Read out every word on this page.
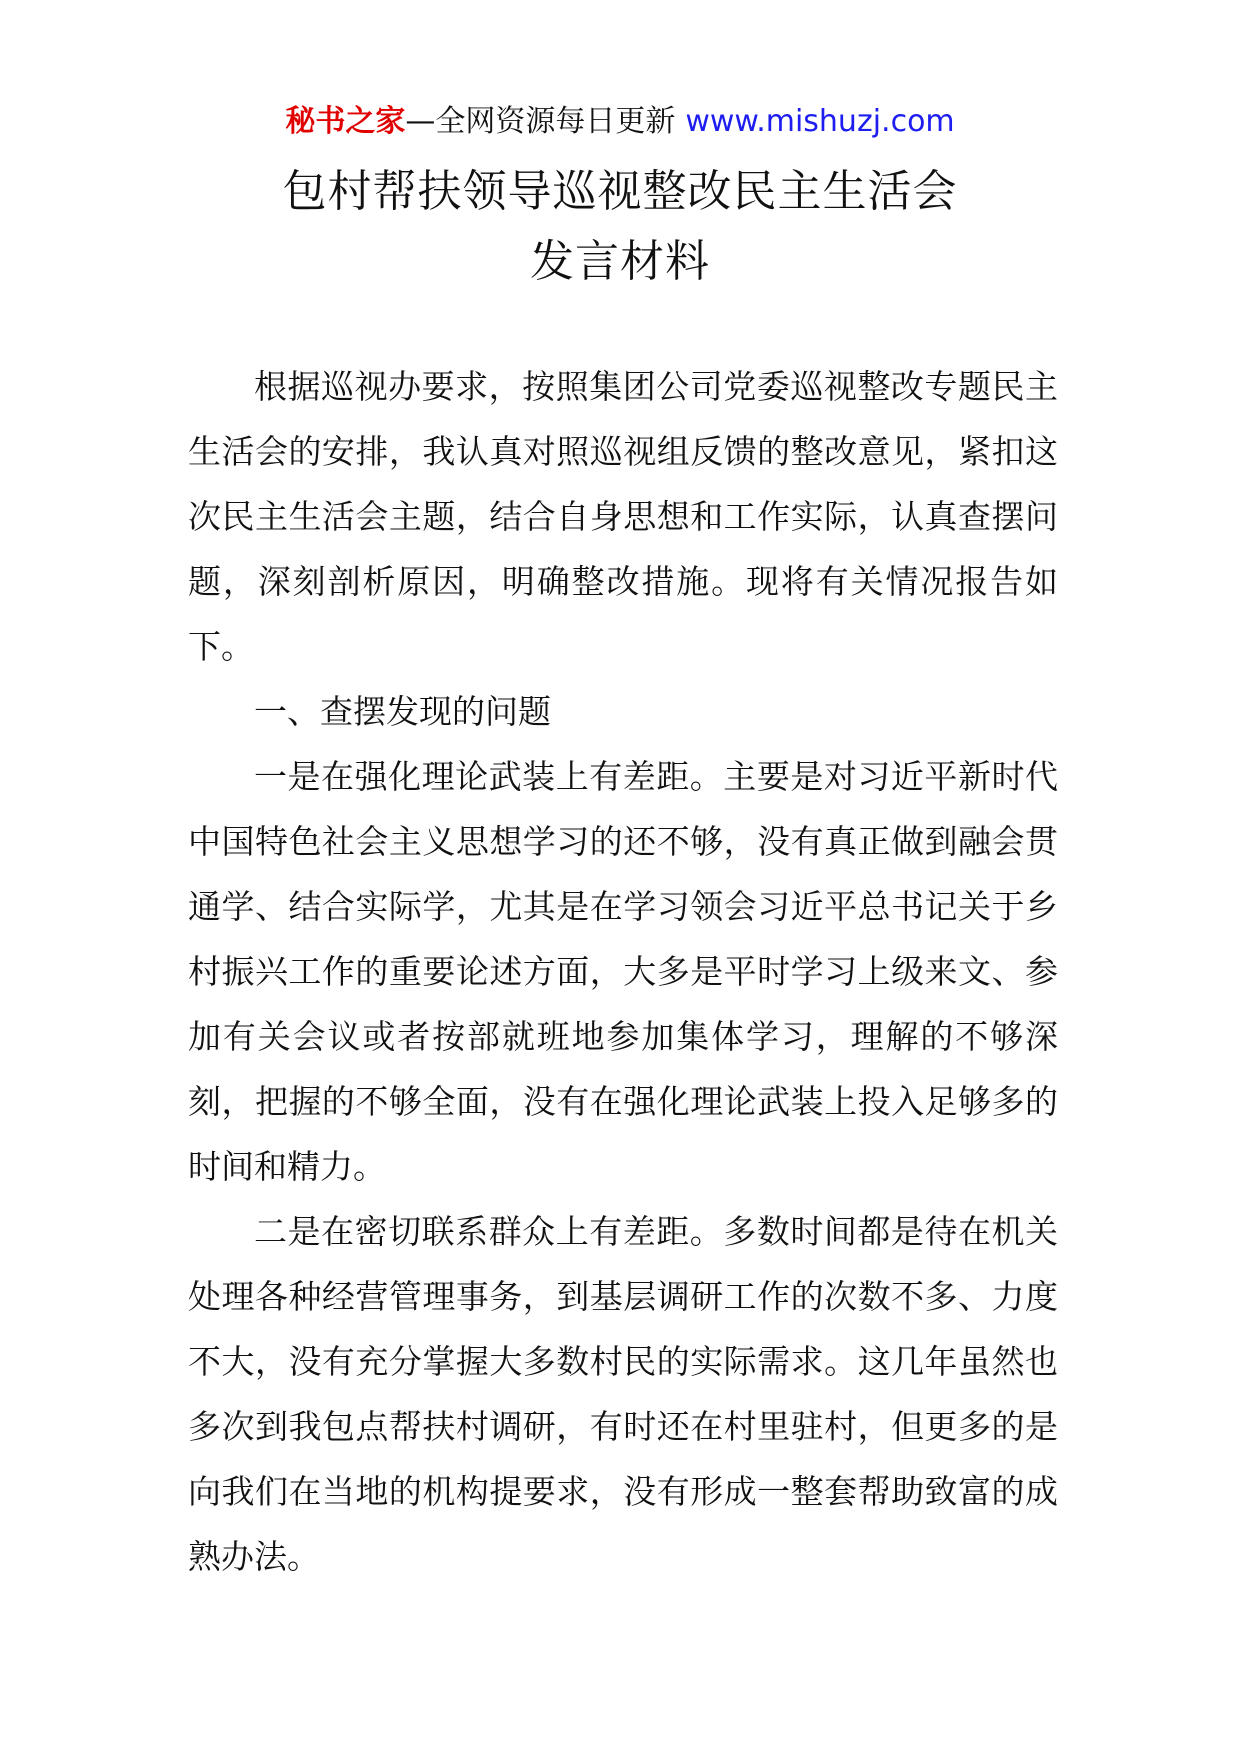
秘书之家—全网资源每日更新 www.mishuzj.com
包村帮扶领导巡视整改民主生活会
发言材料

根据巡视办要求，按照集团公司党委巡视整改专题民主生活会的安排，我认真对照巡视组反馈的整改意见，紧扣这次民主生活会主题，结合自身思想和工作实际，认真查摆问题，深刻剖析原因，明确整改措施。现将有关情况报告如下。

一、查摆发现的问题

一是在强化理论武装上有差距。主要是对习近平新时代中国特色社会主义思想学习的还不够，没有真正做到融会贯通学、结合实际学，尤其是在学习领会习近平总书记关于乡村振兴工作的重要论述方面，大多是平时学习上级来文、参加有关会议或者按部就班地参加集体学习，理解的不够深刻，把握的不够全面，没有在强化理论武装上投入足够多的时间和精力。

二是在密切联系群众上有差距。多数时间都是待在机关处理各种经营管理事务，到基层调研工作的次数不多、力度不大，没有充分掌握大多数村民的实际需求。这几年虽然也多次到我包点帮扶村调研，有时还在村里驻村，但更多的是向我们在当地的机构提要求，没有形成一整套帮助致富的成熟办法。
